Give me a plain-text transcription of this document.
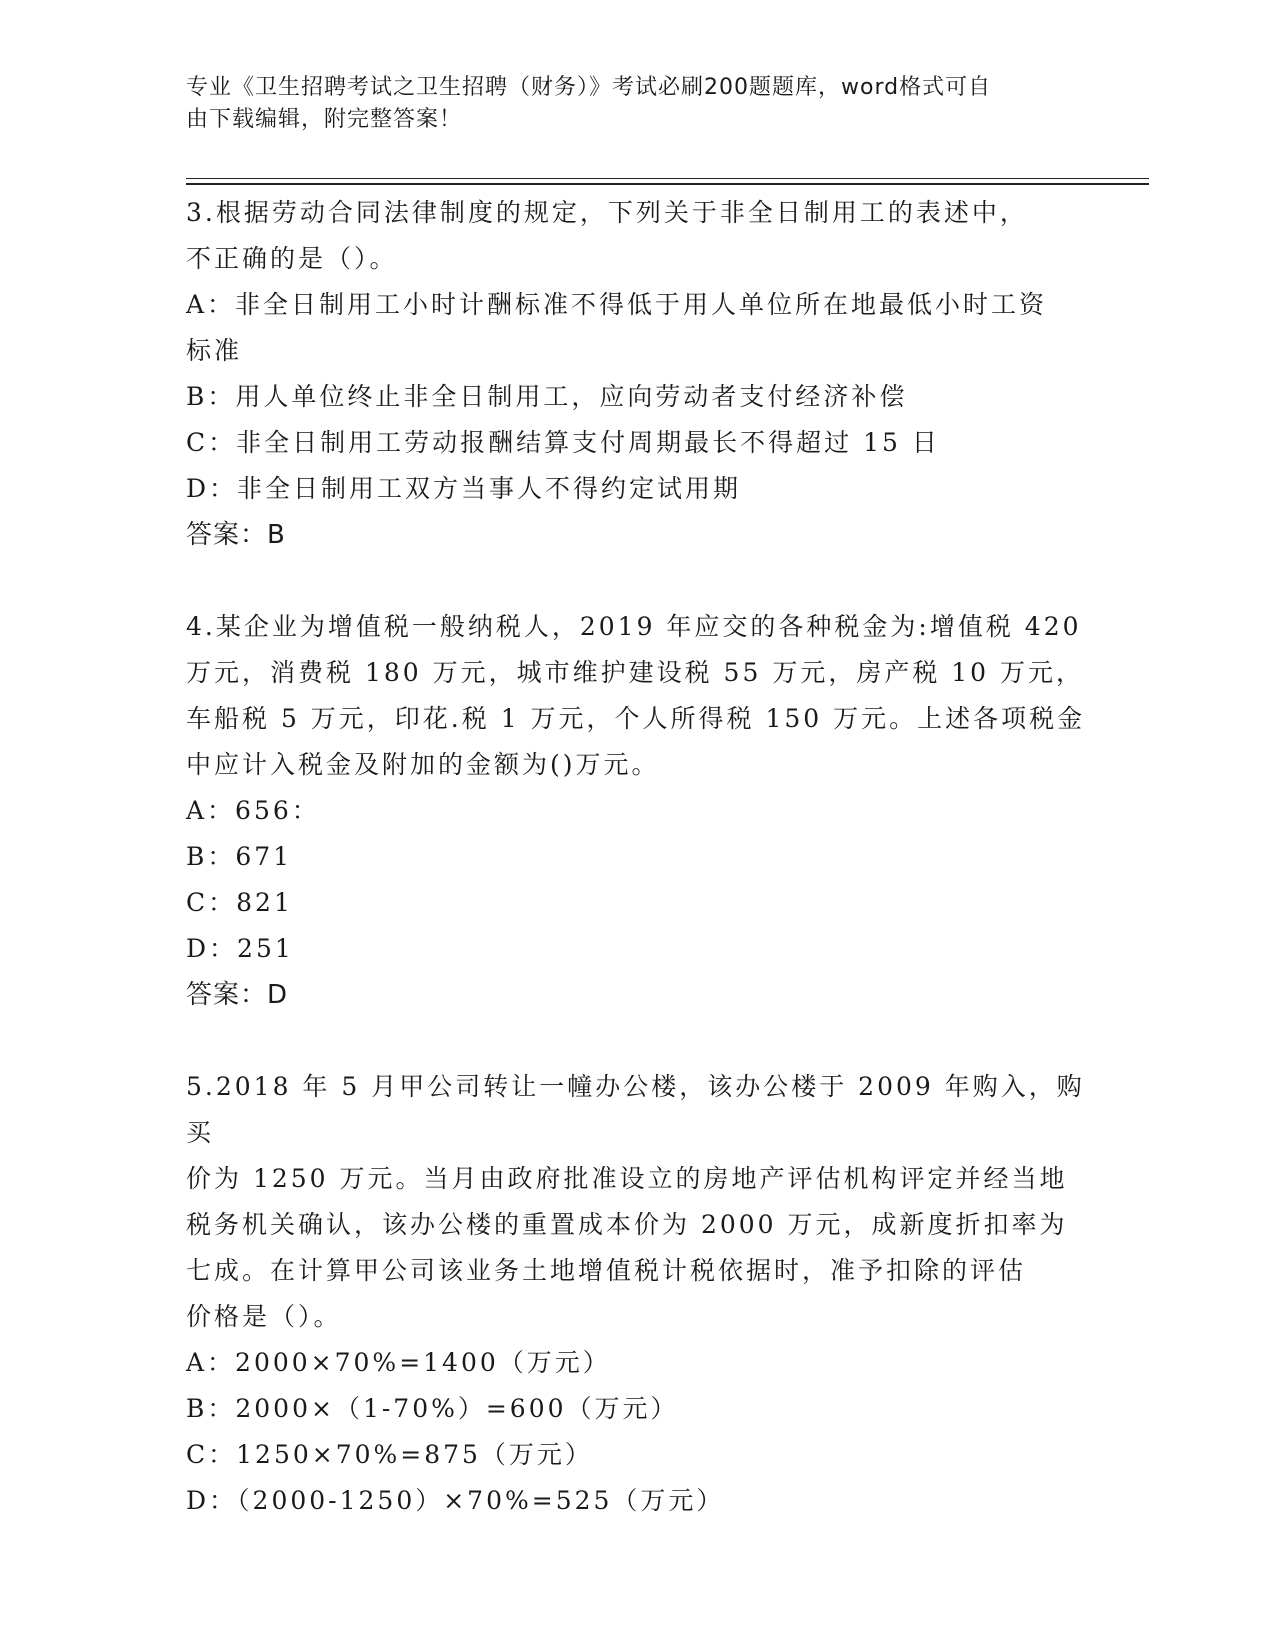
专业《卫生招聘考试之卫生招聘（财务）》考试必刷200题题库，word格式可自
由下载编辑，附完整答案！
3.根据劳动合同法律制度的规定，下列关于非全日制用工的表述中，
不正确的是（）。
A：非全日制用工小时计酬标准不得低于用人单位所在地最低小时工资
标准
B：用人单位终止非全日制用工，应向劳动者支付经济补偿
C：非全日制用工劳动报酬结算支付周期最长不得超过 15 日
D：非全日制用工双方当事人不得约定试用期
答案：B
4.某企业为增值税一般纳税人，2019 年应交的各种税金为:增值税 420
万元，消费税 180 万元，城市维护建设税 55 万元，房产税 10 万元，
车船税 5 万元，印花.税 1 万元，个人所得税 150 万元。上述各项税金
中应计入税金及附加的金额为()万元。
A：656：
B：671
C：821
D：251
答案：D
5.2018 年 5 月甲公司转让一幢办公楼，该办公楼于 2009 年购入，购买
价为 1250 万元。当月由政府批准设立的房地产评估机构评定并经当地
税务机关确认，该办公楼的重置成本价为 2000 万元，成新度折扣率为
七成。在计算甲公司该业务土地增值税计税依据时，准予扣除的评估
价格是（）。
A：2000×70%=1400（万元）
B：2000×（1-70%）=600（万元）
C：1250×70%=875（万元）
D：（2000-1250）×70%=525（万元）
